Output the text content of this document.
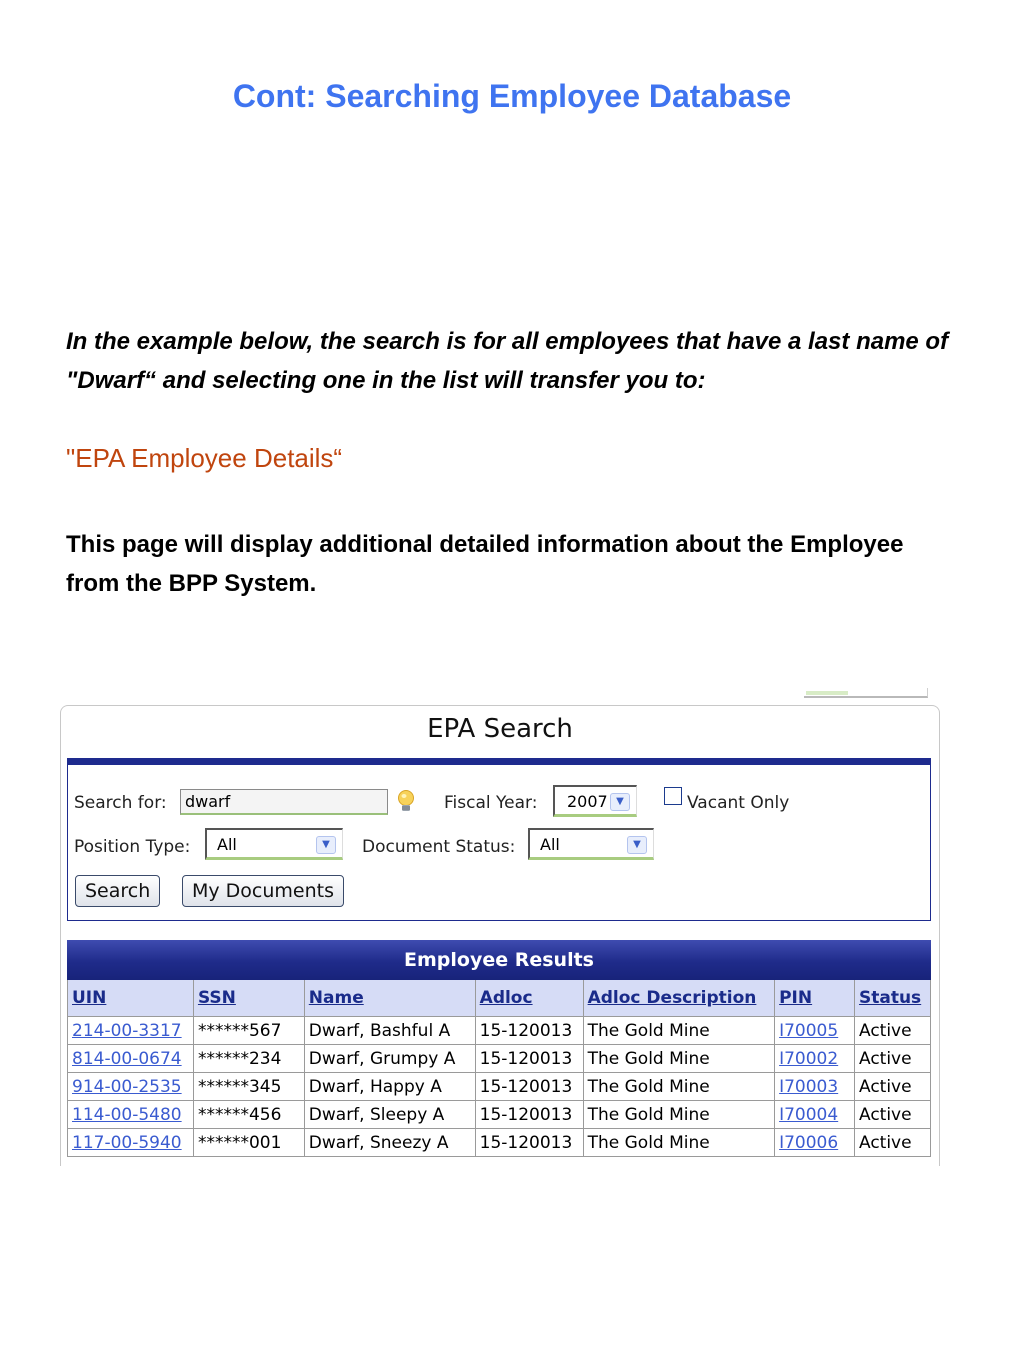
Cont: Searching Employee Database

In the example below, the search is for all employees that have a last name of "Dwarf“ and selecting one in the list will transfer you to:

"EPA Employee Details“

This page will display additional detailed information about the Employee from the BPP System.

EPA Search
Search for:
dwarf	Fiscal Year: 2007 ▼	Vacant Only
Position Type: All	▼	Document Status: All	▼
Search	My Documents
Employee Results
UIN	SSN	Name	Adloc	Adloc Description	PIN	Status
214-00-3317	******567	Dwarf, Bashful A	15-120013	The Gold Mine	I70005	Active
814-00-0674	******234	Dwarf, Grumpy A	15-120013	The Gold Mine	I70002	Active
914-00-2535	******345	Dwarf, Happy A	15-120013	The Gold Mine	I70003	Active
114-00-5480	******456	Dwarf, Sleepy A	15-120013	The Gold Mine	I70004	Active
117-00-5940	******001	Dwarf, Sneezy A	15-120013	The Gold Mine	I70006	Active
